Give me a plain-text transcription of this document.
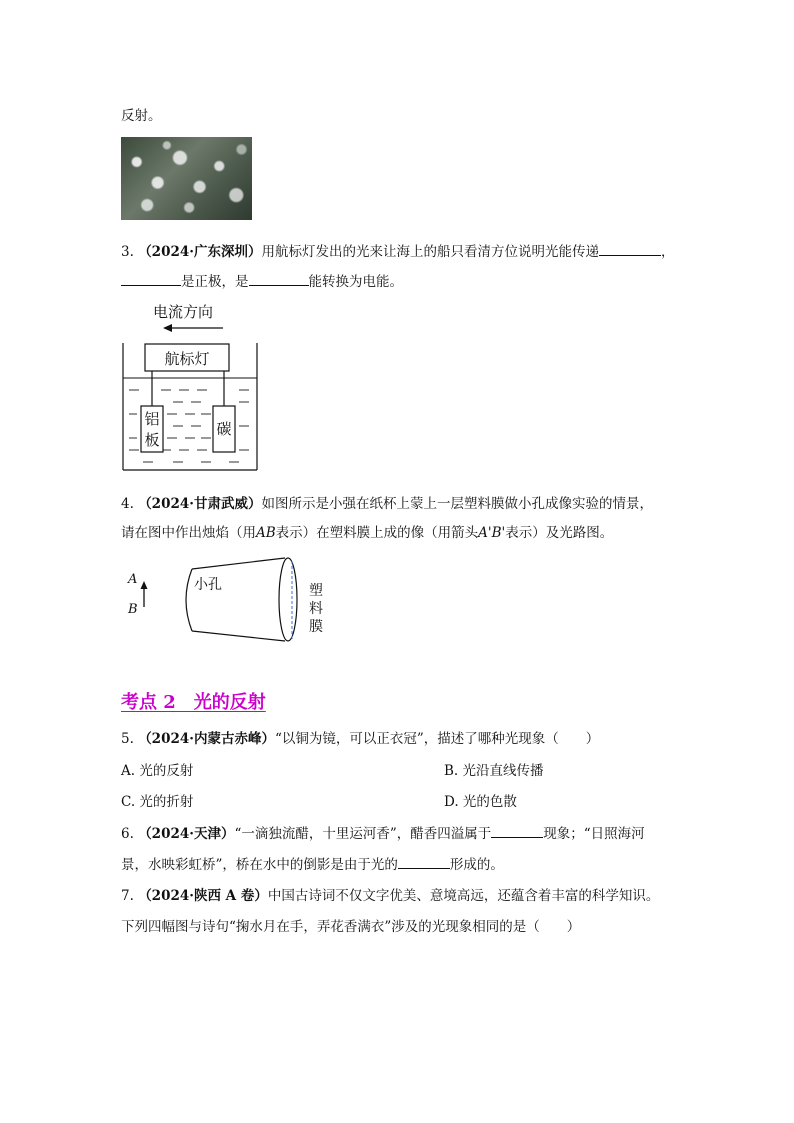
反射。
3. （2024·广东深圳）用航标灯发出的光来让海上的船只看清方位说明光能传递	，
是正极，是	能转换为电能。
电流方向
航标灯
铝
板
碳
4. （2024·甘肃武威）如图所示是小强在纸杯上蒙上一层塑料膜做小孔成像实验的情景，
请在图中作出烛焰（用AB表示）在塑料膜上成的像（用箭头A'B'表示）及光路图。
A
B
小孔	塑
料
膜
考点 2　光的反射
5. （2024·内蒙古赤峰）“以铜为镜，可以正衣冠”，描述了哪种光现象（　　）
A. 光的反射	B. 光沿直线传播
C. 光的折射	D. 光的色散
6. （2024·天津）“一滴独流醋，十里运河香”，醋香四溢属于	现象；“日照海河
景，水映彩虹桥”，桥在水中的倒影是由于光的	形成的。
7. （2024·陕西 A 卷）中国古诗词不仅文字优美、意境高远，还蕴含着丰富的科学知识。
下列四幅图与诗句“掬水月在手，弄花香满衣”涉及的光现象相同的是（　　）
